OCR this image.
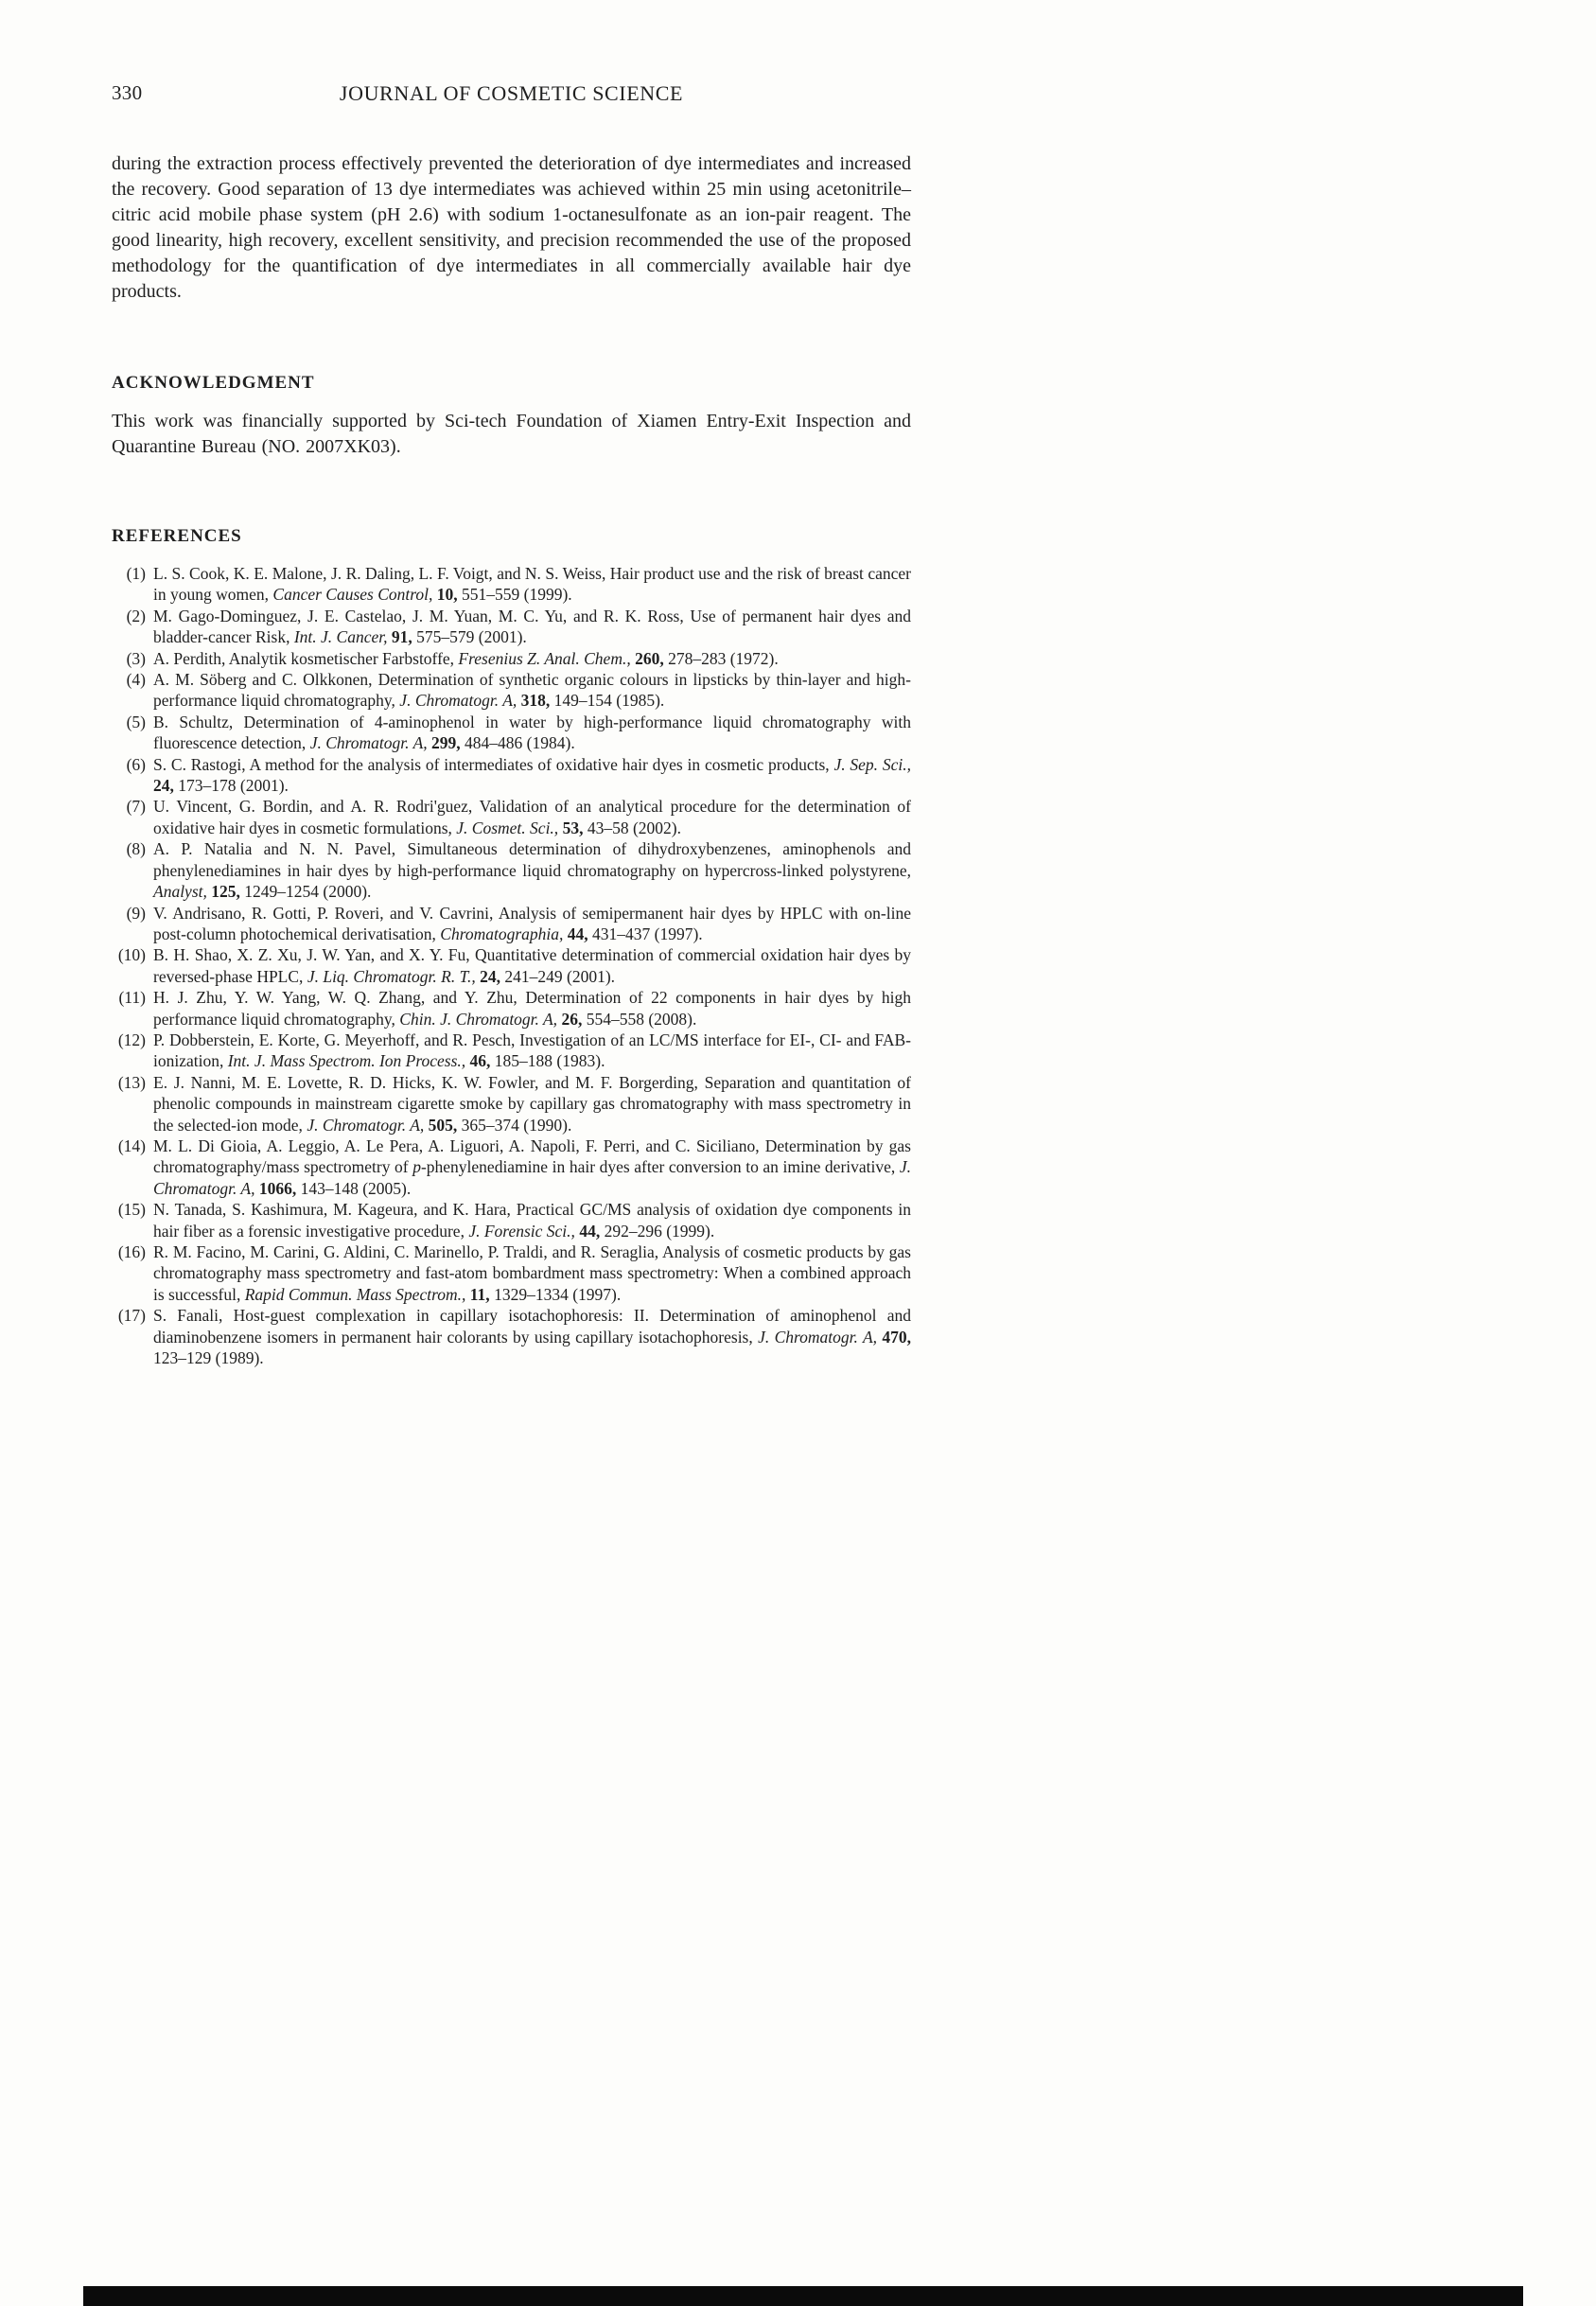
330	JOURNAL OF COSMETIC SCIENCE

during the extraction process effectively prevented the deterioration of dye intermediates and increased the recovery. Good separation of 13 dye intermediates was achieved within 25 min using acetonitrile–citric acid mobile phase system (pH 2.6) with sodium 1-octanesulfonate as an ion-pair reagent. The good linearity, high recovery, excellent sensitivity, and precision recommended the use of the proposed methodology for the quantification of dye intermediates in all commercially available hair dye products.

ACKNOWLEDGMENT

This work was financially supported by Sci-tech Foundation of Xiamen Entry-Exit Inspection and Quarantine Bureau (NO. 2007XK03).

REFERENCES
(1) L. S. Cook, K. E. Malone, J. R. Daling, L. F. Voigt, and N. S. Weiss, Hair product use and the risk of breast cancer in young women, Cancer Causes Control, 10, 551–559 (1999).
(2) M. Gago-Dominguez, J. E. Castelao, J. M. Yuan, M. C. Yu, and R. K. Ross, Use of permanent hair dyes and bladder-cancer Risk, Int. J. Cancer, 91, 575–579 (2001).
(3) A. Perdith, Analytik kosmetischer Farbstoffe, Fresenius Z. Anal. Chem., 260, 278–283 (1972).
(4) A. M. Söberg and C. Olkkonen, Determination of synthetic organic colours in lipsticks by thin-layer and high-performance liquid chromatography, J. Chromatogr. A, 318, 149–154 (1985).
(5) B. Schultz, Determination of 4-aminophenol in water by high-performance liquid chromatography with fluorescence detection, J. Chromatogr. A, 299, 484–486 (1984).
(6) S. C. Rastogi, A method for the analysis of intermediates of oxidative hair dyes in cosmetic products, J. Sep. Sci., 24, 173–178 (2001).
(7) U. Vincent, G. Bordin, and A. R. Rodri'guez, Validation of an analytical procedure for the determination of oxidative hair dyes in cosmetic formulations, J. Cosmet. Sci., 53, 43–58 (2002).
(8) A. P. Natalia and N. N. Pavel, Simultaneous determination of dihydroxybenzenes, aminophenols and phenylenediamines in hair dyes by high-performance liquid chromatography on hypercross-linked polystyrene, Analyst, 125, 1249–1254 (2000).
(9) V. Andrisano, R. Gotti, P. Roveri, and V. Cavrini, Analysis of semipermanent hair dyes by HPLC with on-line post-column photochemical derivatisation, Chromatographia, 44, 431–437 (1997).
(10) B. H. Shao, X. Z. Xu, J. W. Yan, and X. Y. Fu, Quantitative determination of commercial oxidation hair dyes by reversed-phase HPLC, J. Liq. Chromatogr. R. T., 24, 241–249 (2001).
(11) H. J. Zhu, Y. W. Yang, W. Q. Zhang, and Y. Zhu, Determination of 22 components in hair dyes by high performance liquid chromatography, Chin. J. Chromatogr. A, 26, 554–558 (2008).
(12) P. Dobberstein, E. Korte, G. Meyerhoff, and R. Pesch, Investigation of an LC/MS interface for EI-, CI- and FAB-ionization, Int. J. Mass Spectrom. Ion Process., 46, 185–188 (1983).
(13) E. J. Nanni, M. E. Lovette, R. D. Hicks, K. W. Fowler, and M. F. Borgerding, Separation and quantitation of phenolic compounds in mainstream cigarette smoke by capillary gas chromatography with mass spectrometry in the selected-ion mode, J. Chromatogr. A, 505, 365–374 (1990).
(14) M. L. Di Gioia, A. Leggio, A. Le Pera, A. Liguori, A. Napoli, F. Perri, and C. Siciliano, Determination by gas chromatography/mass spectrometry of p-phenylenediamine in hair dyes after conversion to an imine derivative, J. Chromatogr. A, 1066, 143–148 (2005).
(15) N. Tanada, S. Kashimura, M. Kageura, and K. Hara, Practical GC/MS analysis of oxidation dye components in hair fiber as a forensic investigative procedure, J. Forensic Sci., 44, 292–296 (1999).
(16) R. M. Facino, M. Carini, G. Aldini, C. Marinello, P. Traldi, and R. Seraglia, Analysis of cosmetic products by gas chromatography mass spectrometry and fast-atom bombardment mass spectrometry: When a combined approach is successful, Rapid Commun. Mass Spectrom., 11, 1329–1334 (1997).
(17) S. Fanali, Host-guest complexation in capillary isotachophoresis: II. Determination of aminophenol and diaminobenzene isomers in permanent hair colorants by using capillary isotachophoresis, J. Chromatogr. A, 470, 123–129 (1989).
